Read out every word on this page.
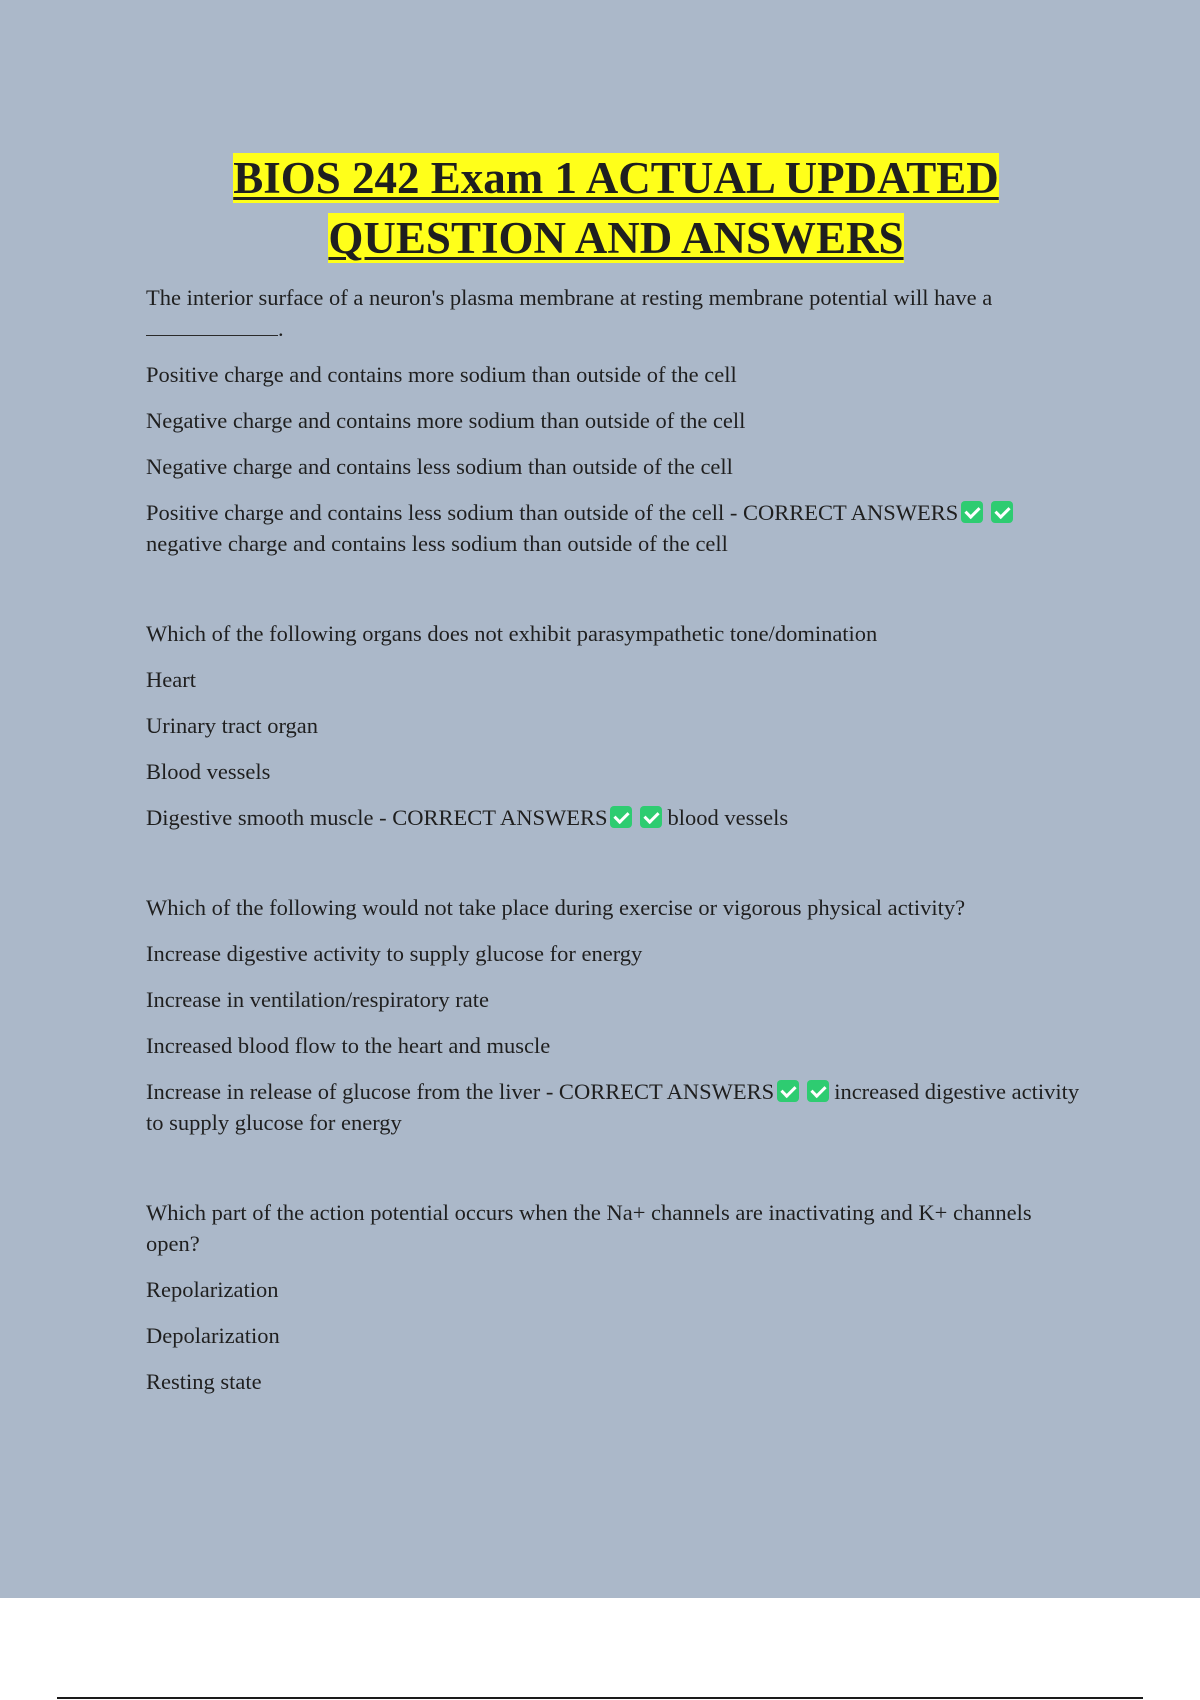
BIOS 242 Exam 1 ACTUAL UPDATED
QUESTION AND ANSWERS

The interior surface of a neuron's plasma membrane at resting membrane potential will have a
.

Positive charge and contains more sodium than outside of the cell

Negative charge and contains more sodium than outside of the cell

Negative charge and contains less sodium than outside of the cell

Positive charge and contains less sodium than outside of the cell - CORRECT ANSWERSnegative charge and contains less sodium than outside of the cell

Which of the following organs does not exhibit parasympathetic tone/domination

Heart

Urinary tract organ

Blood vessels

Digestive smooth muscle - CORRECT ANSWERS	blood vessels

Which of the following would not take place during exercise or vigorous physical activity?

Increase digestive activity to supply glucose for energy

Increase in ventilation/respiratory rate

Increased blood flow to the heart and muscle

Increase in release of glucose from the liver - CORRECT ANSWERS	increased digestive activity to supply glucose for energy

Which part of the action potential occurs when the Na+ channels are inactivating and K+ channels open?

Repolarization

Depolarization

Resting state
